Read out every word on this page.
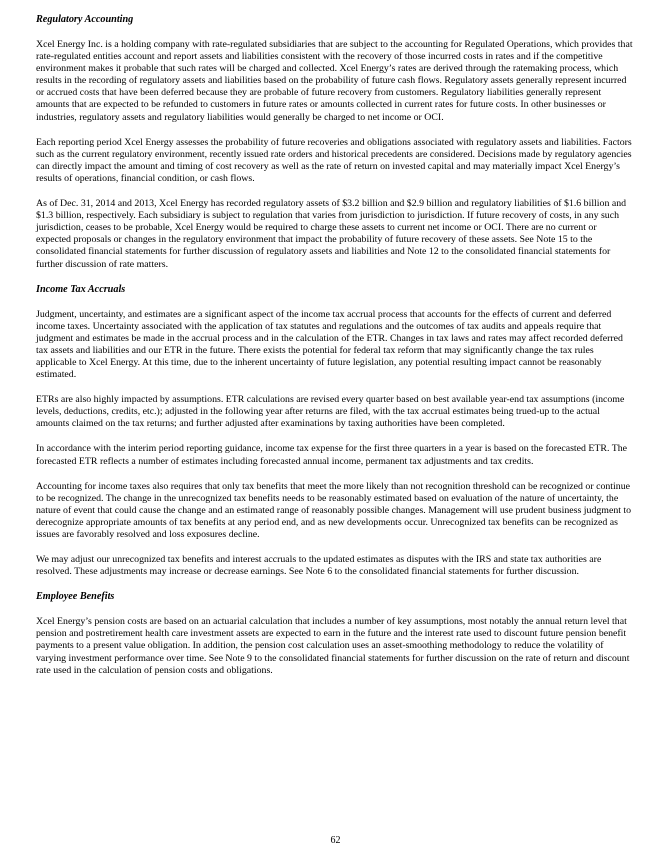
Regulatory Accounting

Xcel Energy Inc. is a holding company with rate-regulated subsidiaries that are subject to the accounting for Regulated Operations, which provides that rate-regulated entities account and report assets and liabilities consistent with the recovery of those incurred costs in rates and if the competitive environment makes it probable that such rates will be charged and collected. Xcel Energy’s rates are derived through the ratemaking process, which results in the recording of regulatory assets and liabilities based on the probability of future cash flows. Regulatory assets generally represent incurred or accrued costs that have been deferred because they are probable of future recovery from customers. Regulatory liabilities generally represent amounts that are expected to be refunded to customers in future rates or amounts collected in current rates for future costs. In other businesses or industries, regulatory assets and regulatory liabilities would generally be charged to net income or OCI.

Each reporting period Xcel Energy assesses the probability of future recoveries and obligations associated with regulatory assets and liabilities. Factors such as the current regulatory environment, recently issued rate orders and historical precedents are considered. Decisions made by regulatory agencies can directly impact the amount and timing of cost recovery as well as the rate of return on invested capital and may materially impact Xcel Energy’s results of operations, financial condition, or cash flows.

As of Dec. 31, 2014 and 2013, Xcel Energy has recorded regulatory assets of $3.2 billion and $2.9 billion and regulatory liabilities of $1.6 billion and $1.3 billion, respectively. Each subsidiary is subject to regulation that varies from jurisdiction to jurisdiction. If future recovery of costs, in any such jurisdiction, ceases to be probable, Xcel Energy would be required to charge these assets to current net income or OCI. There are no current or expected proposals or changes in the regulatory environment that impact the probability of future recovery of these assets. See Note 15 to the consolidated financial statements for further discussion of regulatory assets and liabilities and Note 12 to the consolidated financial statements for further discussion of rate matters.

Income Tax Accruals

Judgment, uncertainty, and estimates are a significant aspect of the income tax accrual process that accounts for the effects of current and deferred income taxes. Uncertainty associated with the application of tax statutes and regulations and the outcomes of tax audits and appeals require that judgment and estimates be made in the accrual process and in the calculation of the ETR. Changes in tax laws and rates may affect recorded deferred tax assets and liabilities and our ETR in the future. There exists the potential for federal tax reform that may significantly change the tax rules applicable to Xcel Energy. At this time, due to the inherent uncertainty of future legislation, any potential resulting impact cannot be reasonably estimated.

ETRs are also highly impacted by assumptions. ETR calculations are revised every quarter based on best available year-end tax assumptions (income levels, deductions, credits, etc.); adjusted in the following year after returns are filed, with the tax accrual estimates being trued-up to the actual amounts claimed on the tax returns; and further adjusted after examinations by taxing authorities have been completed.

In accordance with the interim period reporting guidance, income tax expense for the first three quarters in a year is based on the forecasted ETR. The forecasted ETR reflects a number of estimates including forecasted annual income, permanent tax adjustments and tax credits.

Accounting for income taxes also requires that only tax benefits that meet the more likely than not recognition threshold can be recognized or continue to be recognized. The change in the unrecognized tax benefits needs to be reasonably estimated based on evaluation of the nature of uncertainty, the nature of event that could cause the change and an estimated range of reasonably possible changes. Management will use prudent business judgment to derecognize appropriate amounts of tax benefits at any period end, and as new developments occur. Unrecognized tax benefits can be recognized as issues are favorably resolved and loss exposures decline.

We may adjust our unrecognized tax benefits and interest accruals to the updated estimates as disputes with the IRS and state tax authorities are resolved. These adjustments may increase or decrease earnings. See Note 6 to the consolidated financial statements for further discussion.

Employee Benefits

Xcel Energy’s pension costs are based on an actuarial calculation that includes a number of key assumptions, most notably the annual return level that pension and postretirement health care investment assets are expected to earn in the future and the interest rate used to discount future pension benefit payments to a present value obligation. In addition, the pension cost calculation uses an asset-smoothing methodology to reduce the volatility of varying investment performance over time. See Note 9 to the consolidated financial statements for further discussion on the rate of return and discount rate used in the calculation of pension costs and obligations.

62
